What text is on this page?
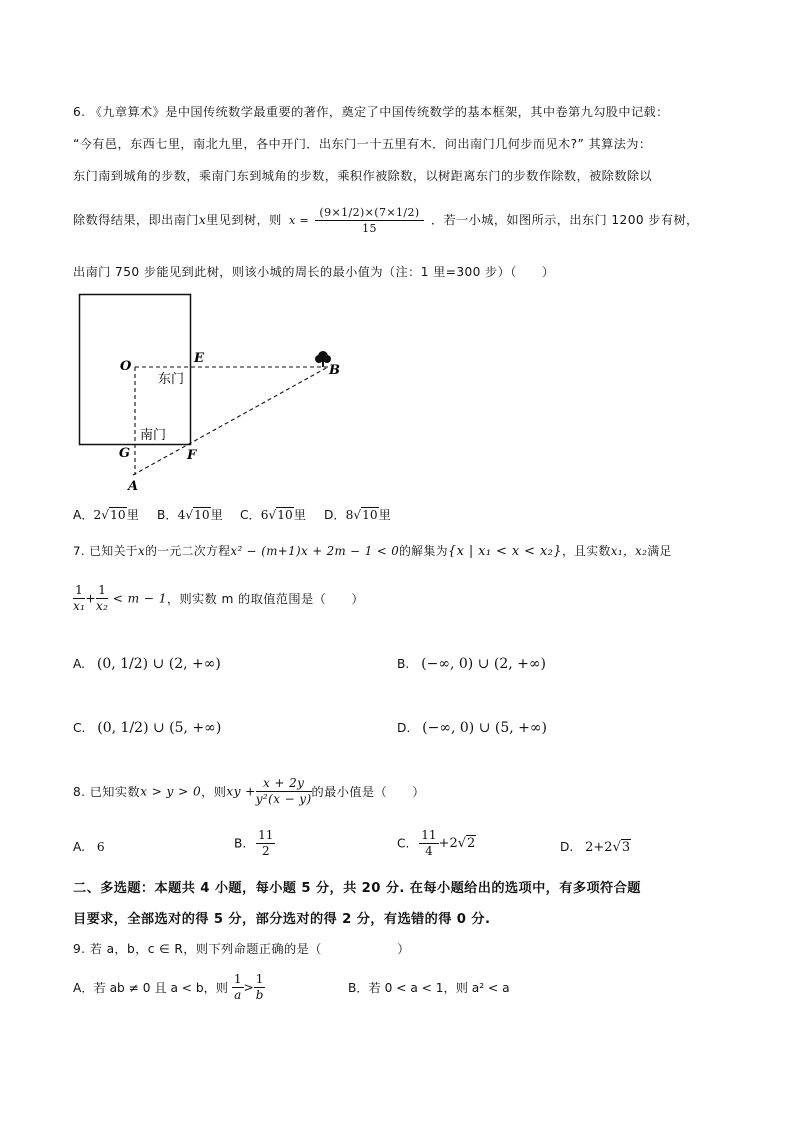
6. 《九章算术》是中国传统数学最重要的著作，奠定了中国传统数学的基本框架，其中卷第九勾股中记载：
“今有邑，东西七里，南北九里，各中开门．出东门一十五里有木．问出南门几何步而见木?” 其算法为：
东门南到城角的步数，乘南门东到城角的步数，乘积作被除数，以树距离东门的步数作除数，被除数除以
除数得结果，即出南门x里见到树，则 $x = \frac{(9\times 1/2)\times(7\times 1/2)}{15}$ ．若一小城，如图所示，出东门 1200 步有树，
出南门 750 步能见到此树，则该小城的周长的最小值为（注：1 里=300 步）（　　）
O
E
B
G	F
A
东门
南门
A．2√10里 B．4√10里 C．6√10里 D．8√10里
7. 已知关于x的一元二次方程x² − (m+1)x + 2m − 1 < 0的解集为{x | x₁ < x < x₂}，且实数x₁，x₂满足
$\frac{1}{\text{x₁}} + \frac{1}{\text{x₂}} < m - 1$，则实数 m 的取值范围是（　　）
A. (0, 1/2) ∪ (2, +∞)	B. (−∞, 0) ∪ (2, +∞)
C. (0, 1/2) ∪ (5, +∞)	D. (−∞, 0) ∪ (5, +∞)
8. 已知实数x > y > 0，则xy + $\frac{x + 2y}{\text{y²(x − y)}}$ 的最小值是（　　）
A. 6	B. $\frac{11}{2}$	C. $\frac{11}{4} +2√2$	D. 2+2√3
二、多选题：本题共 4 小题，每小题 5 分，共 20 分. 在每小题给出的选项中，有多项符合题
目要求，全部选对的得 5 分，部分选对的得 2 分，有选错的得 0 分.
9. 若 a，b，c ∈ R，则下列命题正确的是（　　　　　　）
A．若 ab ≠ 0 且 a < b，则 $\frac{1}{a} > \frac{1}{b}$	B．若 0 < a < 1，则 a² < a
